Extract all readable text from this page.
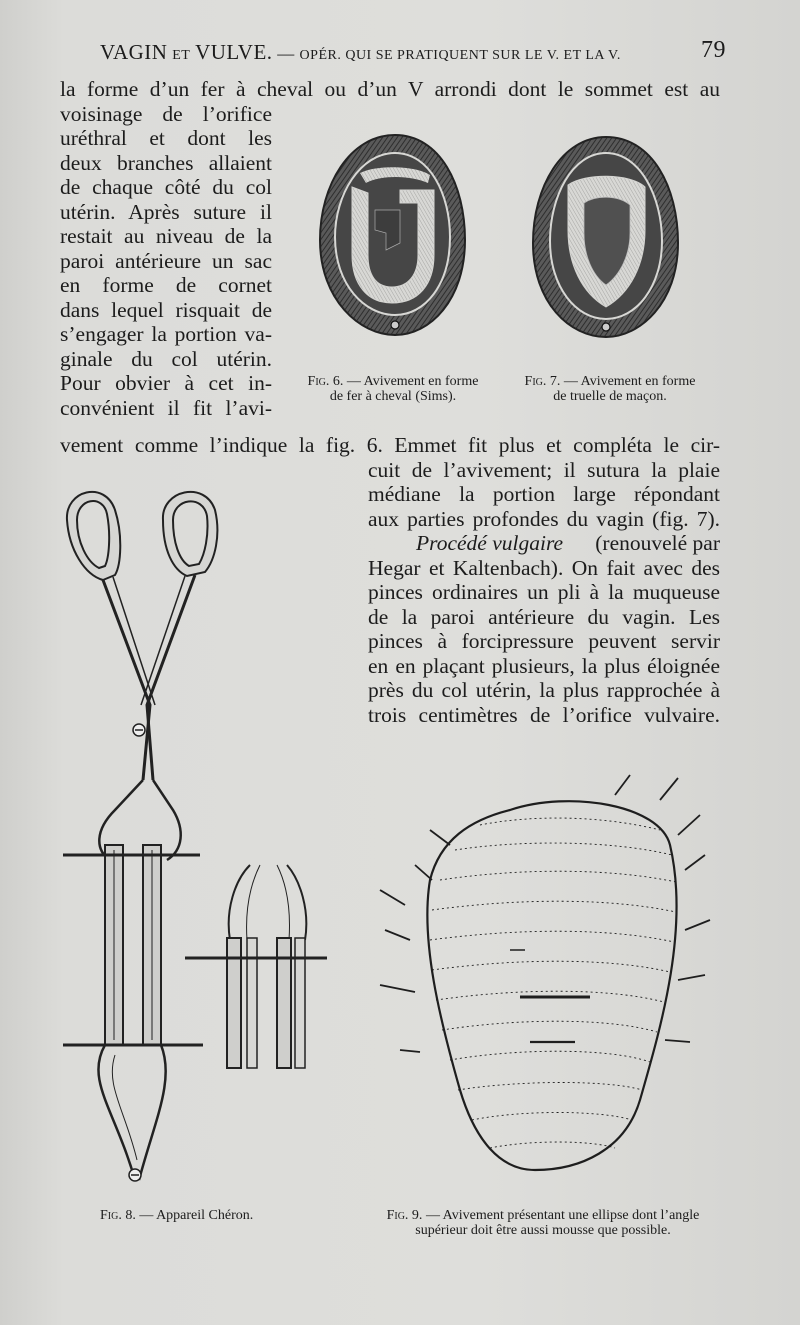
VAGIN ET VULVE. — OPÉR. QUI SE PRATIQUENT SUR LE V. ET LA V.	79
la forme d’un fer à cheval ou d’un V arrondi dont le sommet est au
voisinage de l’orifice
uréthral et dont les
deux branches allaient
de chaque côté du col
utérin. Après suture il
restait au niveau de la
paroi antérieure un sac
en forme de cornet
dans lequel risquait de
s’engager la portion va-
ginale du col utérin.
Pour obvier à cet in-
convénient il fit l’avi-
Fig. 6. — Avivement en forme
de fer à cheval (Sims).
Fig. 7. — Avivement en forme
de truelle de maçon.
vement comme l’indique la fig. 6. Emmet fit plus et compléta le cir-
cuit de l’avivement; il sutura la plaie
médiane la portion large répondant
aux parties profondes du vagin (fig. 7).
Procédé vulgaire	(renouvelé par
Hegar et Kaltenbach). On fait avec des
pinces ordinaires un pli à la muqueuse
de la paroi antérieure du vagin. Les
pinces à forcipressure peuvent servir
en en plaçant plusieurs, la plus éloignée
près du col utérin, la plus rapprochée à
trois centimètres de l’orifice vulvaire.
Fig. 8. — Appareil Chéron.	Fig. 9. — Avivement présentant une ellipse dont l’angle
supérieur doit être aussi mousse que possible.
